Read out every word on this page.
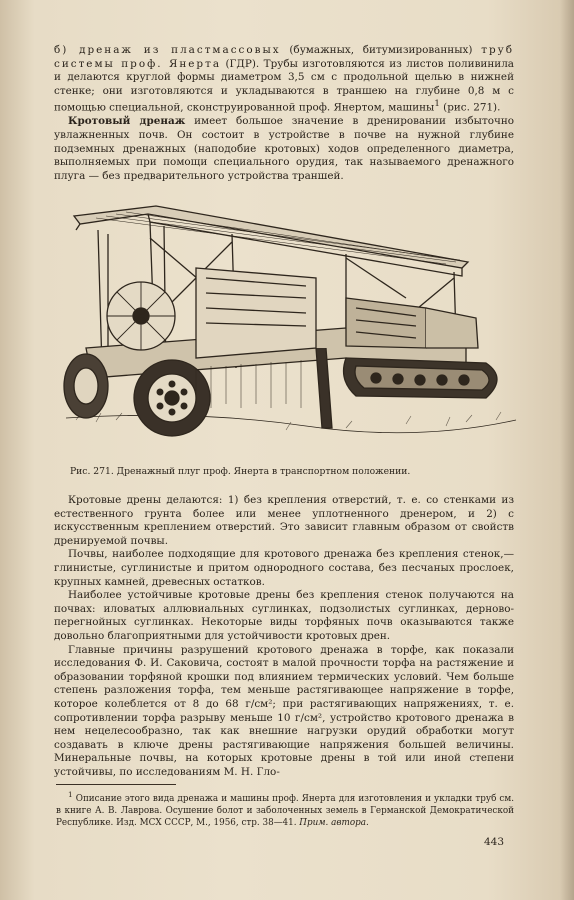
б) дренаж из пластмассовых (бумажных, битумизированных) труб системы проф. Янерта (ГДР). Трубы изготовляются из листов поливинила и делаются круглой формы диаметром 3,5 см с продольной щелью в нижней стенке; они изготовляются и укладываются в траншею на глубине 0,8 м с помощью специальной, сконструированной проф. Янертом, машины$^1$ (рис. 271).

Кротовый дренаж имеет большое значение в дренировании избыточно увлажненных почв. Он состоит в устройстве в почве на нужной глубине подземных дренажных (наподобие кротовых) ходов определенного диаметра, выполняемых при помощи специального орудия, так называемого дренажного плуга — без предварительного устройства траншей.

Рис. 271. Дренажный плуг проф. Янерта в транспортном положении.

Кротовые дрены делаются: 1) без крепления отверстий, т. е. со стенками из естественного грунта более или менее уплотненного дренером, и 2) с искусственным креплением отверстий. Это зависит главным образом от свойств дренируемой почвы.

Почвы, наиболее подходящие для кротового дренажа без крепления стенок,— глинистые, суглинистые и притом однородного состава, без песчаных прослоек, крупных камней, древесных остатков.

Наиболее устойчивые кротовые дрены без крепления стенок получаются на почвах: иловатых аллювиальных суглинках, подзолистых суглинках, дерново-перегнойных суглинках. Некоторые виды торфяных почв оказываются также довольно благоприятными для устойчивости кротовых дрен.

Главные причины разрушений кротового дренажа в торфе, как показали исследования Ф. И. Саковича, состоят в малой прочности торфа на растяжение и образовании торфяной крошки под влиянием термических условий. Чем больше степень разложения торфа, тем меньше растягивающее напряжение в торфе, которое колеблется от 8 до 68 г/см²; при растягивающих напряжениях, т. е. сопротивлении торфа разрыву меньше 10 г/см², устройство кротового дренажа в нем нецелесообразно, так как внешние нагрузки орудий обработки могут создавать в ключе дрены растягивающие напряжения большей величины. Минеральные почвы, на которых кротовые дрены в той или иной степени устойчивы, по исследованиям М. Н. Гло-

$^1$ Описание этого вида дренажа и машины проф. Янерта для изготовления и укладки труб см. в книге А. В. Лаврова. Осушение болот и заболоченных земель в Германской Демократической Республике. Изд. МСХ СССР, М., 1956, стр. 38—41. Прим. автора.

443
